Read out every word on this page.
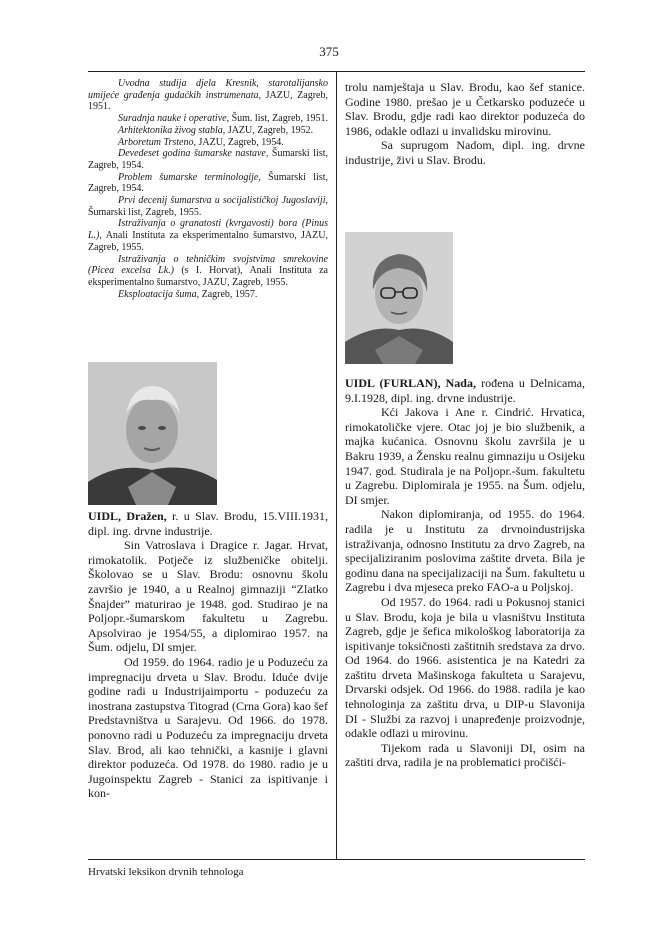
375

Uvodna studija djela Kresnik, starotalijansko umijeće građenja gudaćkih instrumenata, JAZU, Zagreb, 1951.

Suradnja nauke i operative, Šum. list, Zagreb, 1951.

Arhitektonika živog stabla, JAZU, Zagreb, 1952.

Arboretum Trsteno, JAZU, Zagreb, 1954.

Devedeset godina šumarske nastave, Šumarski list, Zagreb, 1954.

Problem šumarske terminologije, Šumarski list, Zagreb, 1954.

Prvi decenij šumarstva u socijalističkoj Jugoslaviji, Šumarski list, Zagreb, 1955.

Istraživanja o granatosti (kvrgavosti) bora (Pinus L.), Anali Instituta za eksperimentalno šumarstvo, JAZU, Zagreb, 1955.

Istraživanja o tehničkim svojstvima smrekovine (Picea excelsa Lk.) (s I. Horvat), Anali Instituta za eksperimentalno šumarstvo, JAZU, Zagreb, 1955.

Eksploatacija šuma, Zagreb, 1957.

UIDL, Dražen, r. u Slav. Brodu, 15.VIII.1931, dipl. ing. drvne industrije.

Sin Vatroslava i Dragice r. Jagar. Hrvat, rimokatolik. Potječe iz službeničke obitelji. Školovao se u Slav. Brodu: osnovnu školu završio je 1940, a u Realnoj gimnaziji “Zlatko Šnajder” maturirao je 1948. god. Studirao je na Poljopr.-šumarskom fakultetu u Zagrebu. Apsolvirao je 1954/55, a diplomirao 1957. na Šum. odjelu, DI smjer.

Od 1959. do 1964. radio je u Poduzeću za impregnaciju drveta u Slav. Brodu. Iduće dvije godine radi u Industrijaimportu - poduzeću za inostrana zastupstva Titograd (Crna Gora) kao šef Predstavništva u Sarajevu. Od 1966. do 1978. ponovno radi u Poduzeću za impregnaciju drveta Slav. Brod, ali kao tehnički, a kasnije i glavni direktor poduzeća. Od 1978. do 1980. radio je u Jugoinspektu Zagreb - Stanici za ispitivanje i kon-

trolu namještaja u Slav. Brodu, kao šef stanice. Godine 1980. prešao je u Četkarsko poduzeće u Slav. Brodu, gdje radi kao direktor poduzeća do 1986, odakle odlazi u invalidsku mirovinu.

Sa suprugom Nadom, dipl. ing. drvne industrije, živi u Slav. Brodu.

UIDL (FURLAN), Nada, rođena u Delnicama, 9.I.1928, dipl. ing. drvne industrije.

Kći Jakova i Ane r. Cindrić. Hrvatica, rimokatoličke vjere. Otac joj je bio službenik, a majka kućanica. Osnovnu školu završila je u Bakru 1939, a Žensku realnu gimnaziju u Osijeku 1947. god. Studirala je na Poljopr.-šum. fakultetu u Zagrebu. Diplomirala je 1955. na Šum. odjelu, DI smjer.

Nakon diplomiranja, od 1955. do 1964. radila je u Institutu za drvnoindustrijska istraživanja, odnosno Institutu za drvo Zagreb, na specijaliziranim poslovima zaštite drveta. Bila je godinu dana na specijalizaciji na Šum. fakultetu u Zagrebu i dva mjeseca preko FAO-a u Poljskoj.

Od 1957. do 1964. radi u Pokusnoj stanici u Slav. Brodu, koja je bila u vlasništvu Instituta Zagreb, gdje je šefica mikološkog laboratorija za ispitivanje toksičnosti zaštitnih sredstava za drvo. Od 1964. do 1966. asistentica je na Katedri za zaštitu drveta Mašinskoga fakulteta u Sarajevu, Drvarski odsjek. Od 1966. do 1988. radila je kao tehnologinja za zaštitu drva, u DIP-u Slavonija DI - Službi za razvoj i unapređenje proizvodnje, odakle odlazi u mirovinu.

Tijekom rada u Slavoniji DI, osim na zaštiti drva, radila je na problematici pročišći-

Hrvatski leksikon drvnih tehnologa
